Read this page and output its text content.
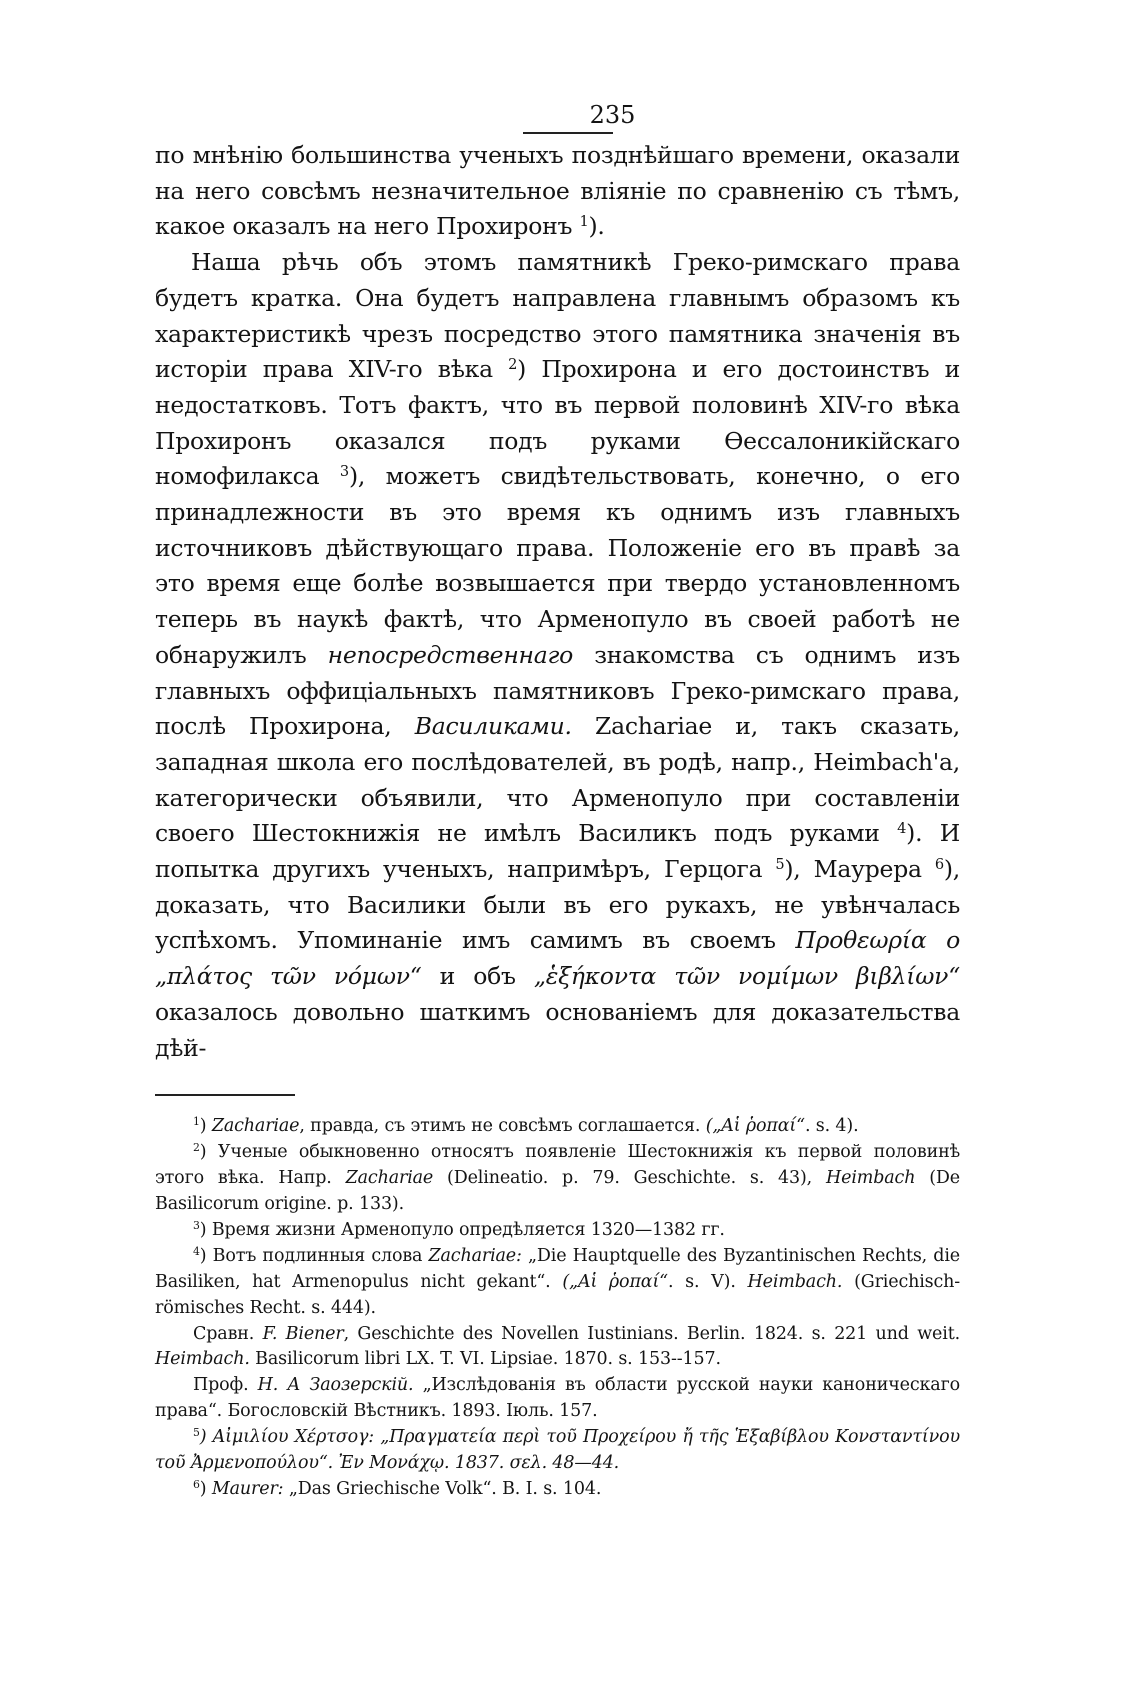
235

по мнѣнію большинства ученыхъ позднѣйшаго времени, оказали на него совсѣмъ незначительное вліяніе по сравненію съ тѣмъ, какое оказалъ на него Прохиронъ $^1$).

Наша рѣчь объ этомъ памятникѣ Греко-римскаго права будетъ кратка. Она будетъ направлена главнымъ образомъ къ характеристикѣ чрезъ посредство этого памятника значенія въ исторіи права XIV-го вѣка $^2$) Прохирона и его достоинствъ и недостатковъ. Тотъ фактъ, что въ первой половинѣ XIV-го вѣка Прохиронъ оказался подъ руками Ѳессалоникійскаго номофилакса $^3$), можетъ свидѣтельствовать, конечно, о его принадлежности въ это время къ однимъ изъ главныхъ источниковъ дѣйствующаго права. Положеніе его въ правѣ за это время еще болѣе возвышается при твердо установленномъ теперь въ наукѣ фактѣ, что Арменопуло въ своей работѣ не обнаружилъ непосредственнаго знакомства съ однимъ изъ главныхъ оффиціальныхъ памятниковъ Греко-римскаго права, послѣ Прохирона, Василиками. Zachariae и, такъ сказать, западная школа его послѣдователей, въ родѣ, напр., Heimbach'а, категорически объявили, что Арменопуло при составленіи своего Шестокнижія не имѣлъ Василикъ подъ руками $^4$). И попытка другихъ ученыхъ, напримѣръ, Герцога $^5$), Маурера $^6$), доказать, что Василики были въ его рукахъ, не увѣнчалась успѣхомъ. Упоминаніе имъ самимъ въ своемъ Προθεωρία ο „πλάτος τῶν νόμων“ и объ „ἑξήκοντα τῶν νομίμων βιβλίων“ оказалось довольно шаткимъ основаніемъ для доказательства дѣй-

$^1$) Zachariae, правда, съ этимъ не совсѣмъ соглашается. („Αἱ ῥοπαί“. s. 4).

$^2$) Ученые обыкновенно относятъ появленіе Шестокнижія къ первой половинѣ этого вѣка. Напр. Zachariae (Delineatio. p. 79. Geschichte. s. 43), Heimbach (De Basilicorum origine. p. 133).

$^3$) Время жизни Арменопуло опредѣляется 1320—1382 гг.

$^4$) Вотъ подлинныя слова Zachariae: „Die Hauptquelle des Byzantinischen Rechts, die Basiliken, hat Armenopulus nicht gekant“. („Αἱ ῥοπαί“. s. V). Heimbach. (Griechisch-römisches Recht. s. 444).

Сравн. F. Biener, Geschichte des Novellen Iustinians. Berlin. 1824. s. 221 und weit. Heimbach. Basilicorum libri LX. T. VI. Lipsiae. 1870. s. 153--157.

Проф. Н. А Заозерскій. „Изслѣдованія въ области русской науки каноническаго права“. Богословскій Вѣстникъ. 1893. Іюль. 157.

$^5$) Αἰμιλίου Χέρτσογ: „Πραγματεία περὶ τοῦ Προχείρου ἤ τῆς Ἑξαβίβλου Κονσταντίνου τοῦ Ἀρμενοπούλου“. Ἐν Μονάχῳ. 1837. σελ. 48—44.

$^6$) Maurer: „Das Griechische Volk“. B. I. s. 104.
